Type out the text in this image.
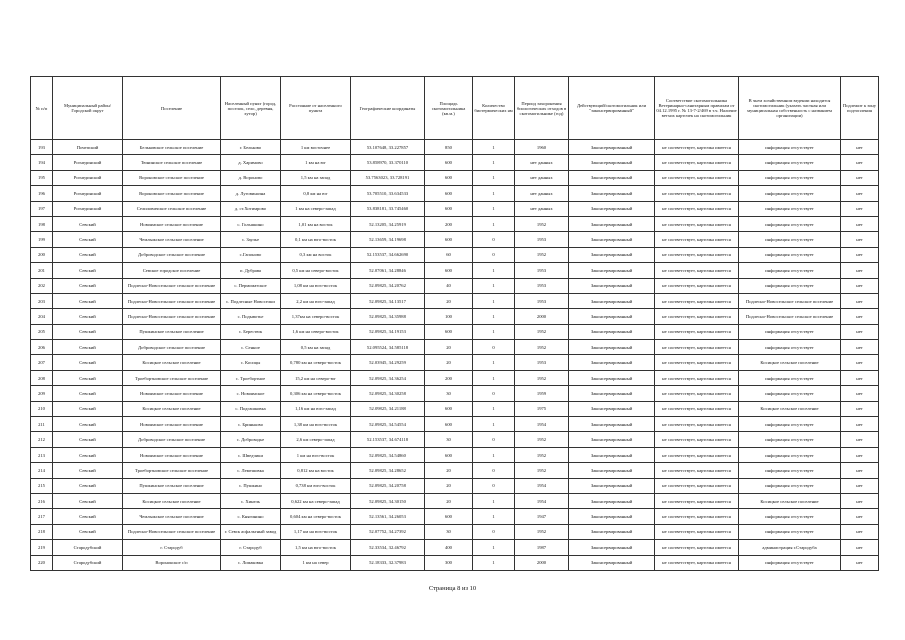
№ п/п	Муниципальный район/Городской округ	Поселение	Населенный пункт (город, поселок, село, деревня, хутор)	Расстояние от населенного пункта	Географические координаты	Площадь скотомогильника (кв.м.)	Количество биотермических ям	Период захоронения биологических отходов в скотомогильнике (год)	Действующий/скотомогильник или "законсервированный"	Соответствие скотомогильника Ветеринарно-санитарным правилам от 04.12.1995 г. № 13-7-2/469 в т.ч. Наличие ветхих карточек на скотомогильник	В чьем хозяйственном ведении находится скотомогильник (указать частная или муниципальная собственность с названием организации)	Подлежит к зону подтопления
193	Почепский	Бельковское сельское поселение	г. Бельково	1 км восточнее	53.107648, 33.227857	850	1	1960	Законсервированный	не соответствует, карточка имеется	информация отсутствует	нет
194	Рогнединский	Тюнинское сельское поселение	д. Харимово	1 км на юг	53.858970, 33.370110	600	1	нет данных	Законсервированный	не соответствует, карточка имеется	информация отсутствует	нет
195	Рогнединский	Вороновское сельское поселение	д. Вороново	1,5 км на запад	53.7563023, 33.728191	600	1	нет данных	Законсервированный	не соответствует, карточка имеется	информация отсутствует	нет
196	Рогнединский	Вороновское сельское поселение	д. Луговинаэна	0,8 км на юг	53.705510, 33.634533	600	1	нет данных	Законсервированный	не соответствует, карточка имеется	информация отсутствует	нет
197	Рогнединский	Селиловичское сельское поселение	д. ст.Хотимрово	1 км на северо-запад	53.838181, 33.745460	600	1	нет данных	Законсервированный	не соответствует, карточка имеется	информация отсутствует	нет
198	Севский	Новоямское сельское поселение	с. Гольшкино	1,01 км на восток	52.13205, 34.25919	200	1	1952	Законсервированный	не соответствует, карточка имеется	информация отсутствует	нет
199	Севский	Чемлыжское сельское поселение	с. Заулье	0,1 км на юго-восток	52.13659, 34.19698	600	0	1953	Законсервированный	не соответствует, карточка имеется	информация отсутствует	нет
200	Севский	Доброводское сельское поселение	с.Гапоново	0,3 км на восток	52.153537, 34.662690	60	0	1952	Законсервированный	не соответствует, карточка имеется	информация отсутствует	нет
201	Севский	Севское городское поселение	п. Дубрава	0,5 км на северо-восток	52.07061, 34.28846	600	1	1953	Законсервированный	не соответствует, карточка имеется	информация отсутствует	нет
202	Севский	Подлесно-Новосельское сельское поселение	с. Пермоматское	1,08 км на юго-восток	52.09825, 34.20762	40	1	1953	Законсервированный	не соответствует, карточка имеется	информация отсутствует	нет
203	Севский	Подлесно-Новосельское сельское поселение	с. Подлесные Новоселки	2,2 км на юго-запад	52.09825, 34.13517	20	1	1953	Законсервированный	не соответствует, карточка имеется	Подлесно-Новосельское сельское поселение	нет
204	Севский	Подлесно-Новосельское сельское поселение	с. Подывотье	1,37км на северо-восток	52.09825, 34.35988	100	1	2000	Законсервированный	не соответствует, карточка имеется	Подлесно-Новосельское сельское поселение	нет
205	Севский	Пушкинское сельское поселение	с. Берестюк	1,6 км на северо-восток	52.09825, 34.19153	600	1	1952	Законсервированный	не соответствует, карточка имеется	информация отсутствует	нет
206	Севский	Доброводское сельское поселение	с. Сенное	0,5 км на запад	52.095524, 34.585118	20	0	1952	Законсервированный	не соответствует, карточка имеется	информация отсутствует	нет
207	Севский	Косицкое сельское поселение	с. Косицы	0,780 км на северо-восток	52.03945, 34.29259	20	1	1953	Законсервированный	не соответствует, карточка имеется	Косицкое сельское поселение	нет
208	Севский	Троебортновское сельское поселение	с. Троебортное	15,2 км на северо-юг	52.09825, 34.36254	200	1	1952	Законсервированный	не соответствует, карточка имеется	информация отсутствует	нет
209	Севский	Новоямское сельское поселение	с. Новоямское	0,306 км на северо-восток	52.09825, 34.30258	30	0	1959	Законсервированный	не соответствует, карточка имеется	информация отсутствует	нет
210	Севский	Косицкое сельское поселение	с. Подгашковка	1,16 км на юго-запад	52.09825, 34.21188	600	1	1975	Законсервированный	не соответствует, карточка имеется	Косицкое сельское поселение	нет
211	Севский	Новоямское сельское поселение	с. Бриньково	1,38 км на юго-восток	52.09825, 34.54554	600	1	1954	Законсервированный	не соответствует, карточка имеется	информация отсутствует	нет
212	Севский	Доброводское сельское поселение	с. Доброводье	2,6 км северо-запад	52.153537, 34.674118	30	0	1952	Законсервированный	не соответствует, карточка имеется	информация отсутствует	нет
213	Севский	Новоямское сельское поселение	с. Шведчики	1 км на юго-восток	52.09825, 34.54860	600	1	1952	Законсервированный	не соответствует, карточка имеется	информация отсутствует	нет
214	Севский	Троебортновское сельское поселение	с. Лемешовка	0,812 км на восток	52.09825, 34.28652	20	0	1952	Законсервированный	не соответствует, карточка имеется	информация отсутствует	нет
215	Севский	Пушкинское сельское поселение	с. Пушкино	0,738 км юго-восток	52.09825, 34.20758	20	0	1954	Законсервированный	не соответствует, карточка имеется	информация отсутствует	нет
216	Севский	Косицкое сельское поселение	с. Хинель	0,622 км на северо-запад	52.09825, 34.30150	20	1	1954	Законсервированный	не соответствует, карточка имеется	Косицкое сельское поселение	нет
217	Севский	Чемлыжское сельское поселение	с. Княгинино	0,604 км на северо-восток	52.13561, 34.26053	600	1	1947	Законсервированный	не соответствует, карточка имеется	информация отсутствует	нет
218	Севский	Подлесно-Новосельское сельское поселение	г. Севск асфальтный завод	1,17 км на юго-восток	52.07752, 34.27392	30	0	1952	Законсервированный	не соответствует, карточка имеется	информация отсутствует	нет
219	Стародубский	г. Стародуб	г. Стародуб	1,5 км на юго-восток	52.33534, 32.46792	400	1	1987	Законсервированный	не соответствует, карточка имеется	администрация г.Стародуба	нет
220	Стародубский	Воронокское с/п	с. Ломаковка	1 км на север	52.18333, 32.37983	300	1	2000	Законсервированный	не соответствует, карточка имеется	информация отсутствует	нет
Страница 8 из 10
